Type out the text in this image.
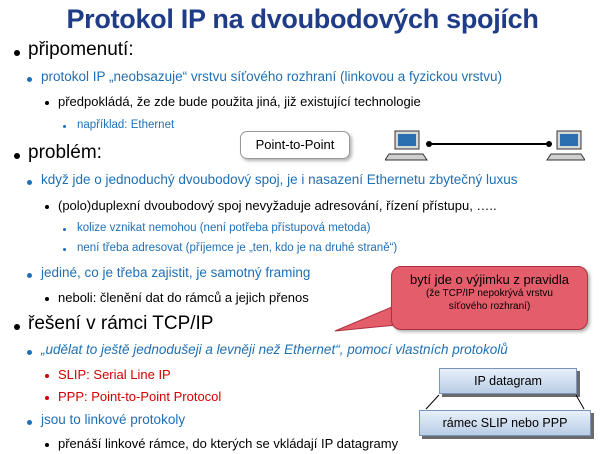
Protokol IP na dvoubodových spojích
připomenutí:
protokol IP „neobsazuje“ vrstvu síťového rozhraní (linkovou a fyzickou vrstvu)
předpokládá, že zde bude použita jiná, již existující technologie
například: Ethernet
problém:
když jde o jednoduchý dvoubodový spoj, je i nasazení Ethernetu zbytečný luxus
(polo)duplexní dvoubodový spoj nevyžaduje adresování, řízení přístupu, …..
kolize vznikat nemohou (není potřeba přístupová metoda)
není třeba adresovat (příjemce je „ten, kdo je na druhé straně“)
jediné, co je třeba zajistit, je samotný framing
neboli: členění dat do rámců a jejich přenos
řešení v rámci TCP/IP
„udělat to ještě jednodušeji a levněji než Ethernet“, pomocí vlastních protokolů
SLIP: Serial Line IP
PPP: Point-to-Point Protocol
jsou to linkové protokoly
přenáší linkové rámce, do kterých se vkládají IP datagramy
Point-to-Point
bytí jde o výjimku z pravidla
(že TCP/IP nepokrývá vrstvu
síťového rozhraní)
IP datagram
rámec SLIP nebo PPP
